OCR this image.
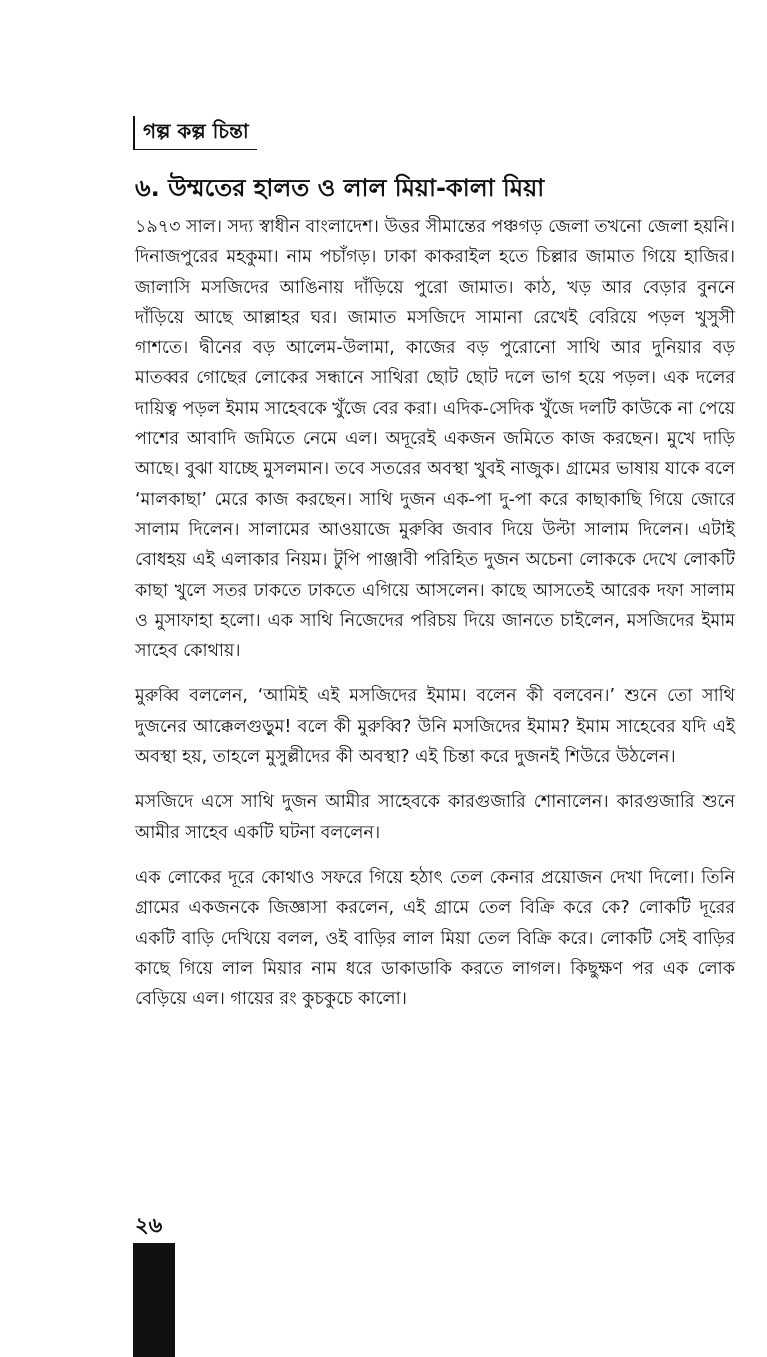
গল্প কল্প চিন্তা
৬. উম্মতের হালত ও লাল মিয়া-কালা মিয়া

১৯৭৩ সাল। সদ্য স্বাধীন বাংলাদেশ। উত্তর সীমান্তের পঞ্চগড় জেলা তখনো জেলা হয়নি। দিনাজপুরের মহকুমা। নাম পচাঁগড়। ঢাকা কাকরাইল হতে চিল্লার জামাত গিয়ে হাজির। জালাসি মসজিদের আঙিনায় দাঁড়িয়ে পুরো জামাত। কাঠ, খড় আর বেড়ার বুননে দাঁড়িয়ে আছে আল্লাহর ঘর। জামাত মসজিদে সামানা রেখেই বেরিয়ে পড়ল খুসুসী গাশতে। দ্বীনের বড় আলেম-উলামা, কাজের বড় পুরোনো সাথি আর দুনিয়ার বড় মাতব্বর গোছের লোকের সন্ধানে সাথিরা ছোট ছোট দলে ভাগ হয়ে পড়ল। এক দলের দায়িত্ব পড়ল ইমাম সাহেবকে খুঁজে বের করা। এদিক-সেদিক খুঁজে দলটি কাউকে না পেয়ে পাশের আবাদি জমিতে নেমে এল। অদূরেই একজন জমিতে কাজ করছেন। মুখে দাড়ি আছে। বুঝা যাচ্ছে মুসলমান। তবে সতরের অবস্থা খুবই নাজুক। গ্রামের ভাষায় যাকে বলে ‘মালকাছা’ মেরে কাজ করছেন। সাথি দুজন এক-পা দু-পা করে কাছাকাছি গিয়ে জোরে সালাম দিলেন। সালামের আওয়াজে মুরুব্বি জবাব দিয়ে উল্টা সালাম দিলেন। এটাই বোধহয় এই এলাকার নিয়ম। টুপি পাঞ্জাবী পরিহিত দুজন অচেনা লোককে দেখে লোকটি কাছা খুলে সতর ঢাকতে ঢাকতে এগিয়ে আসলেন। কাছে আসতেই আরেক দফা সালাম ও মুসাফাহা হলো। এক সাথি নিজেদের পরিচয় দিয়ে জানতে চাইলেন, মসজিদের ইমাম সাহেব কোথায়।

মুরুব্বি বললেন, ‘আমিই এই মসজিদের ইমাম। বলেন কী বলবেন।’ শুনে তো সাথি দুজনের আক্কেলগুড়ুম! বলে কী মুরুব্বি? উনি মসজিদের ইমাম? ইমাম সাহেবের যদি এই অবস্থা হয়, তাহলে মুসুল্লীদের কী অবস্থা? এই চিন্তা করে দুজনই শিউরে উঠলেন।

মসজিদে এসে সাথি দুজন আমীর সাহেবকে কারগুজারি শোনালেন। কারগুজারি শুনে আমীর সাহেব একটি ঘটনা বললেন।

এক লোকের দূরে কোথাও সফরে গিয়ে হঠাৎ তেল কেনার প্রয়োজন দেখা দিলো। তিনি গ্রামের একজনকে জিজ্ঞাসা করলেন, এই গ্রামে তেল বিক্রি করে কে? লোকটি দূরের একটি বাড়ি দেখিয়ে বলল, ওই বাড়ির লাল মিয়া তেল বিক্রি করে। লোকটি সেই বাড়ির কাছে গিয়ে লাল মিয়ার নাম ধরে ডাকাডাকি করতে লাগল। কিছুক্ষণ পর এক লোক বেড়িয়ে এল। গায়ের রং কুচকুচে কালো।

২৬
